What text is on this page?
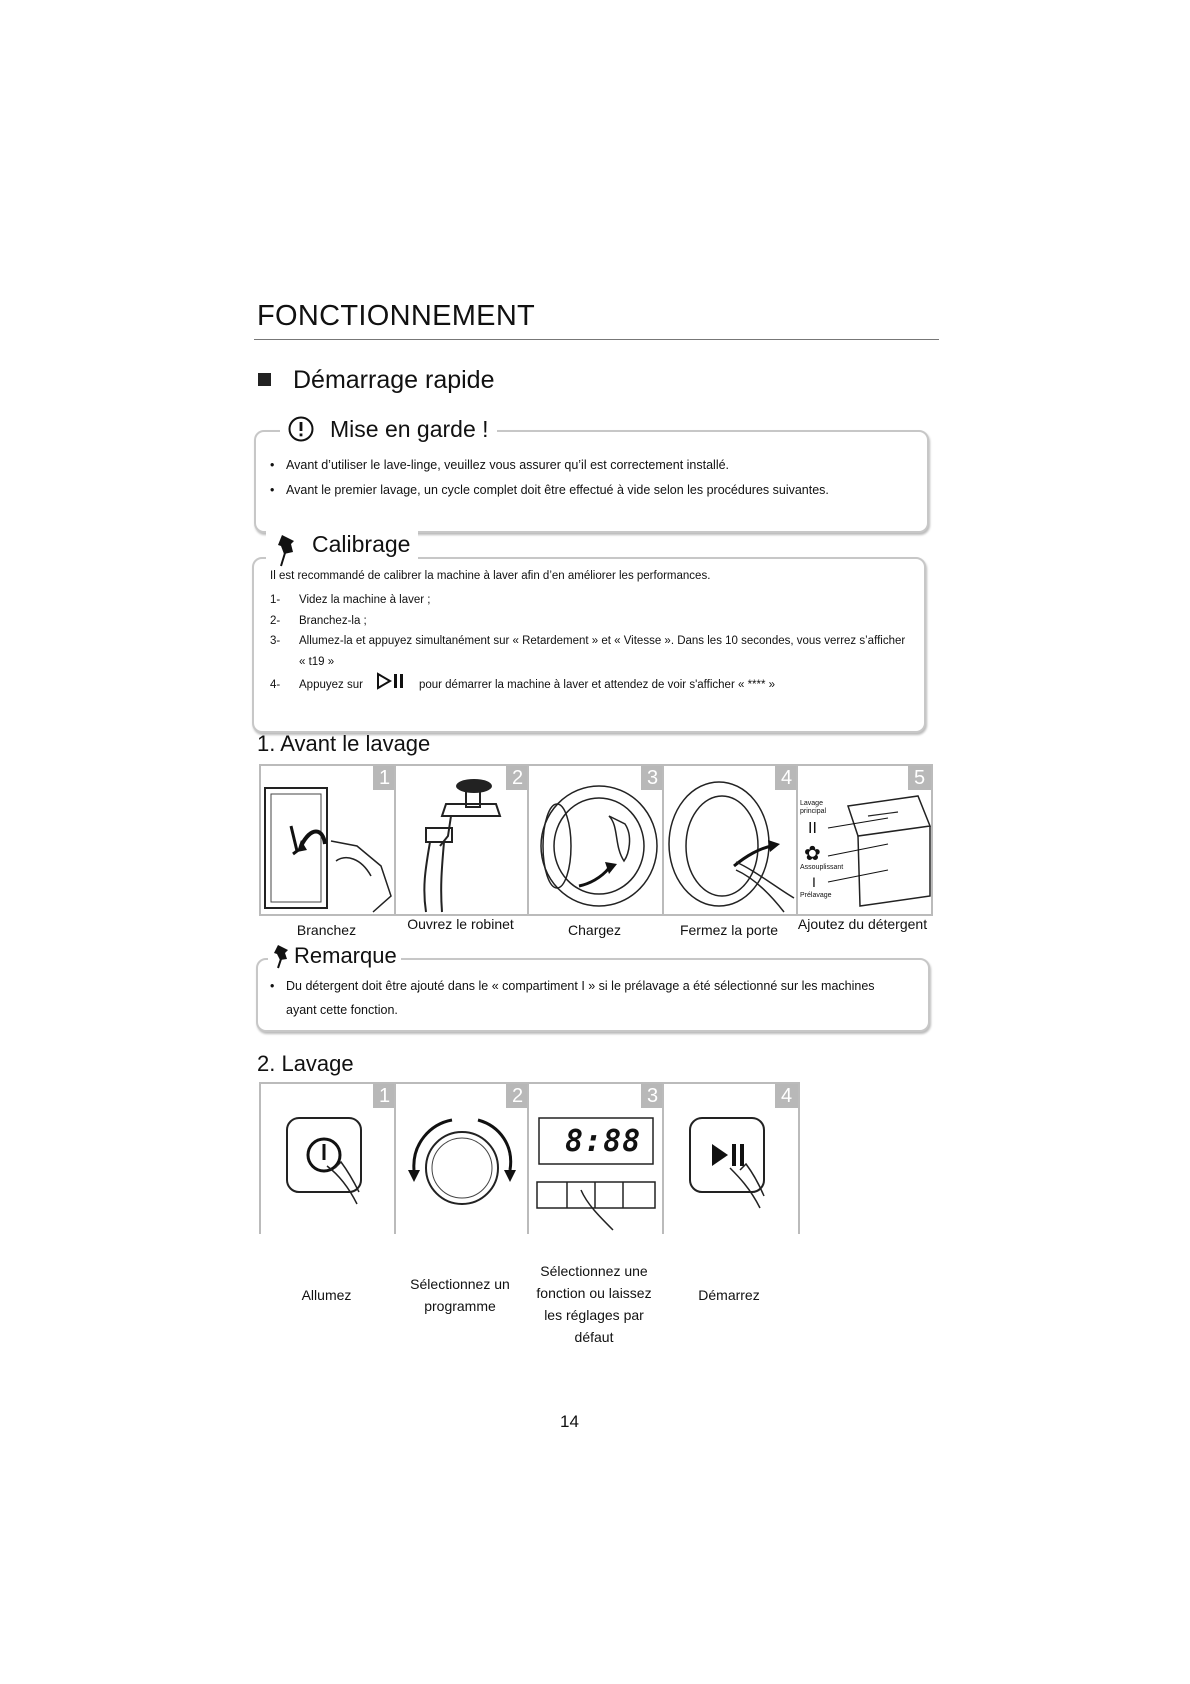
FONCTIONNEMENT
Démarrage rapide
Mise en garde !
• Avant d’utiliser le lave-linge, veuillez vous assurer qu’il est correctement installé.
• Avant le premier lavage, un cycle complet doit être effectué à vide selon les procédures suivantes.
Calibrage
Il est recommandé de calibrer la machine à laver afin d’en améliorer les performances.
1-	Videz la machine à laver ;
2-	Branchez-la ;
3-	Allumez-la et appuyez simultanément sur « Retardement » et « Vitesse ». Dans les 10 secondes, vous verrez s’afficher
« t19 »
4-	Appuyez sur	pour démarrer la machine à laver et attendez de voir s'afficher « **** »
1. Avant le lavage
1	2	3	4	5
Lavage principal
II
✿
Assouplissant
I
Prélavage
Branchez	Ouvrez le robinet	Chargez	Fermez la porte	Ajoutez du détergent
Remarque
• Du détergent doit être ajouté dans le « compartiment I » si le prélavage a été sélectionné sur les machines ayant cette fonction.
2. Lavage
1	2	3
8:88
4
Allumez
Sélectionnez un programme
Sélectionnez une fonction ou laissez les réglages par défaut
Démarrez
14
